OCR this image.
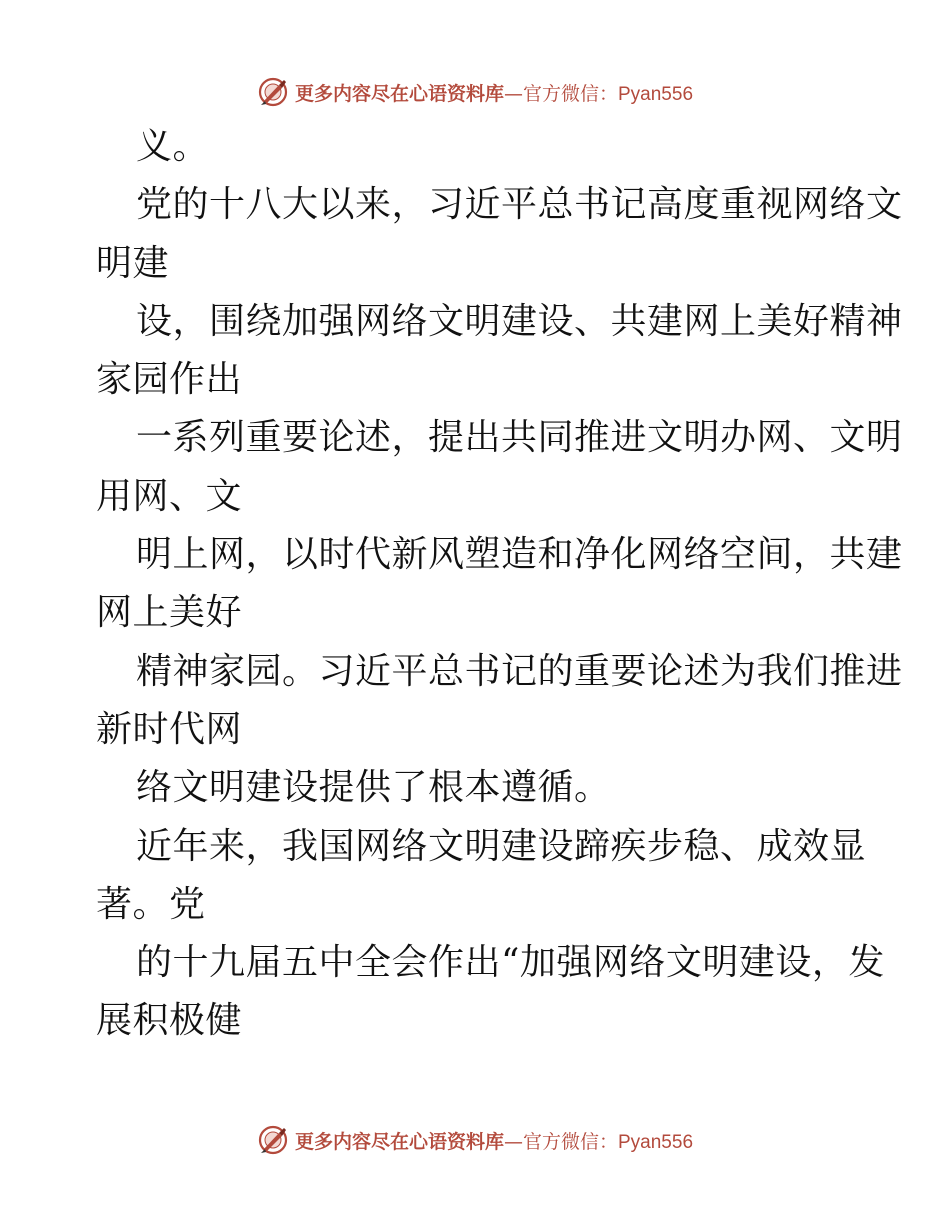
更多内容尽在心语资料库—官方微信：Pyan556
义。
党的十八大以来，习近平总书记高度重视网络文
明建
设，围绕加强网络文明建设、共建网上美好精神
家园作出
一系列重要论述，提出共同推进文明办网、文明
用网、文
明上网，以时代新风塑造和净化网络空间，共建
网上美好
精神家园。习近平总书记的重要论述为我们推进
新时代网
络文明建设提供了根本遵循。
近年来，我国网络文明建设蹄疾步稳、成效显
著。党
的十九届五中全会作出“加强网络文明建设，发
展积极健
更多内容尽在心语资料库—官方微信：Pyan556
